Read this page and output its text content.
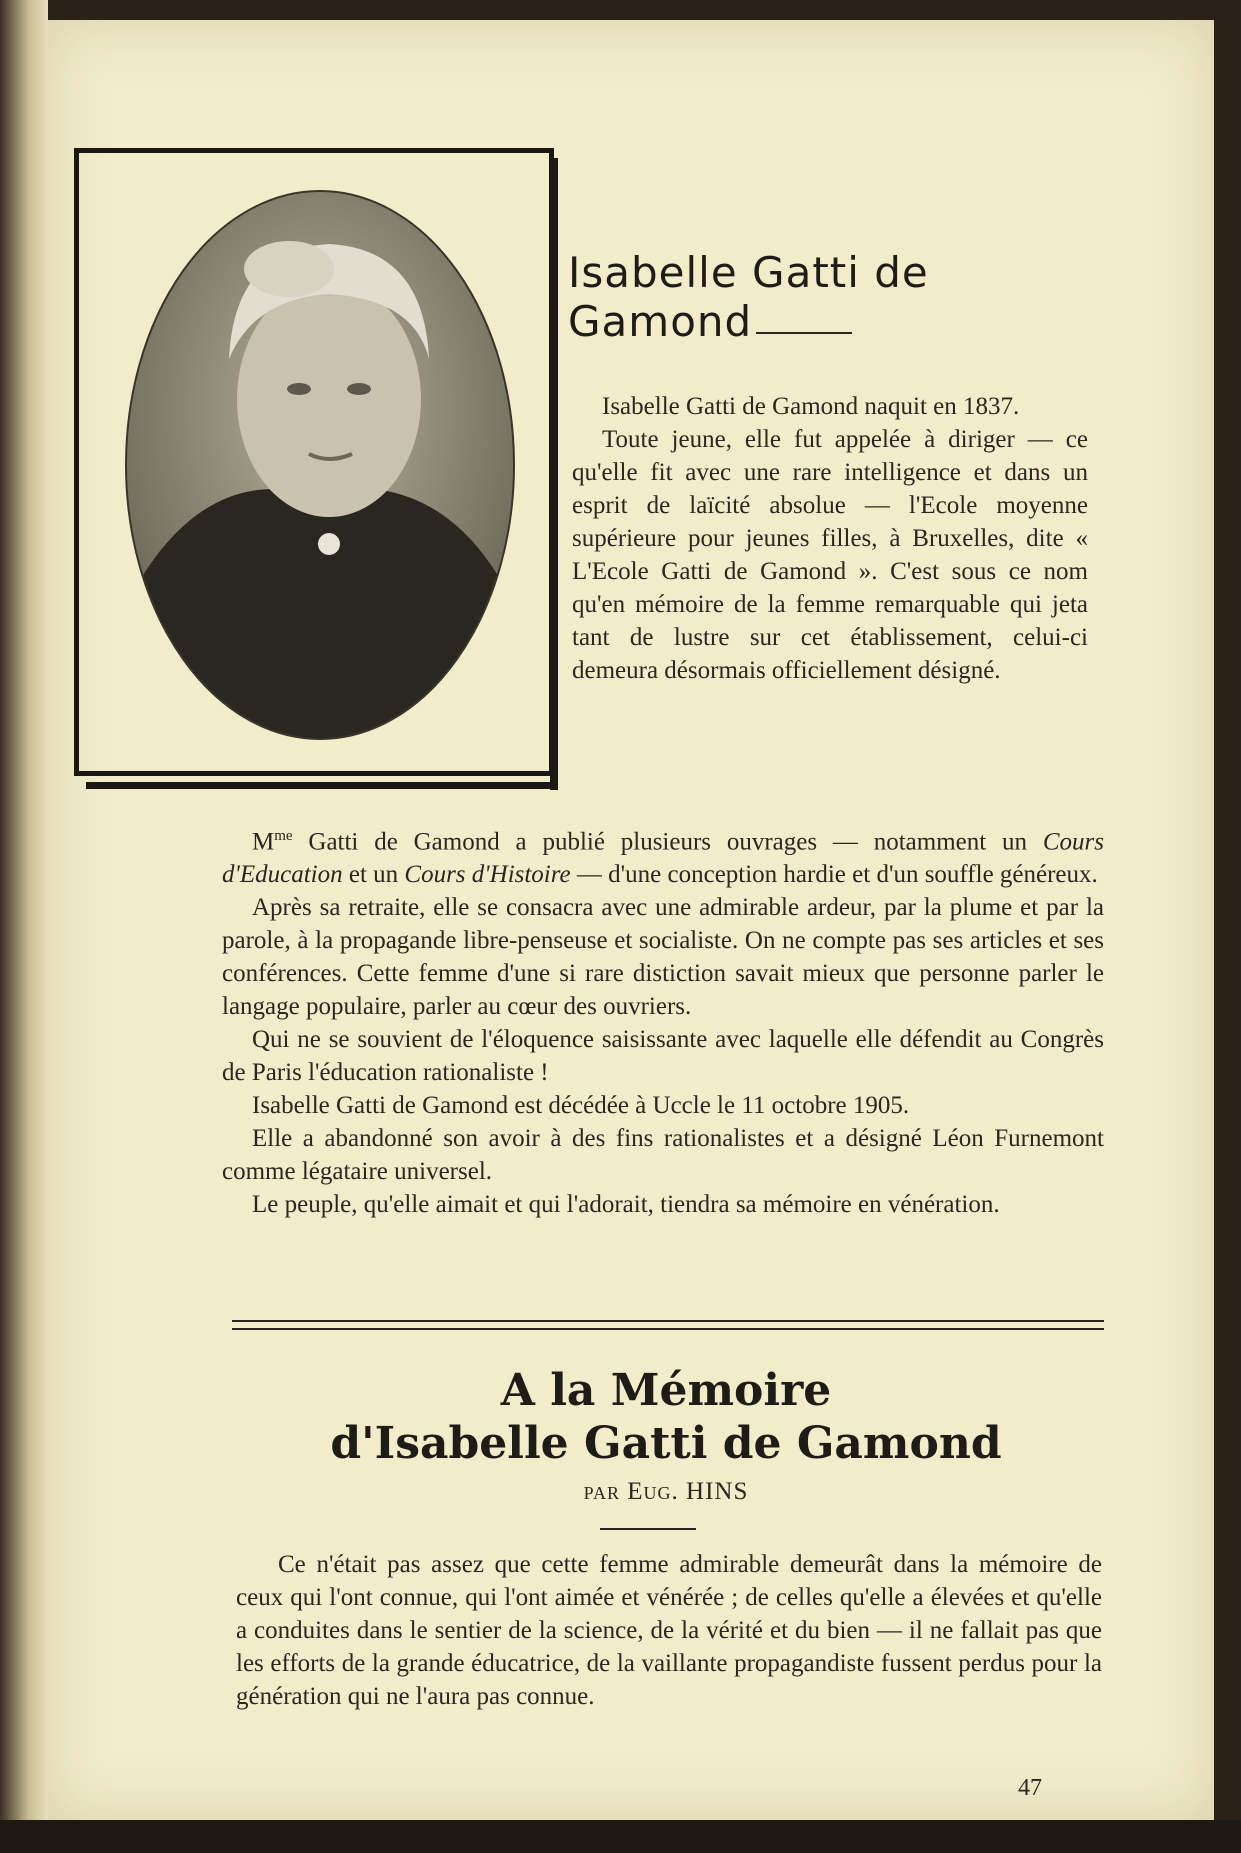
Isabelle Gatti de Gamond

Isabelle Gatti de Gamond naquit en 1837.

Toute jeune, elle fut appelée à diriger — ce qu'elle fit avec une rare intelligence et dans un esprit de laïcité absolue — l'Ecole moyenne supérieure pour jeunes filles, à Bruxelles, dite « L'Ecole Gatti de Gamond ». C'est sous ce nom qu'en mémoire de la femme remarquable qui jeta tant de lustre sur cet établissement, celui-ci demeura désormais officiellement désigné.

$M^{me}$ Gatti de Gamond a publié plusieurs ouvrages — notamment un Cours d'Education et un Cours d'Histoire — d'une conception hardie et d'un souffle généreux.

Après sa retraite, elle se consacra avec une admirable ardeur, par la plume et par la parole, à la propagande libre-penseuse et socialiste. On ne compte pas ses articles et ses conférences. Cette femme d'une si rare distiction savait mieux que personne parler le langage populaire, parler au cœur des ouvriers.

Qui ne se souvient de l'éloquence saisissante avec laquelle elle défendit au Congrès de Paris l'éducation rationaliste !

Isabelle Gatti de Gamond est décédée à Uccle le 11 octobre 1905.

Elle a abandonné son avoir à des fins rationalistes et a désigné Léon Furnemont comme légataire universel.

Le peuple, qu'elle aimait et qui l'adorait, tiendra sa mémoire en vénération.

A la Mémoire
d'Isabelle Gatti de Gamond
par Eug. HINS

Ce n'était pas assez que cette femme admirable demeurât dans la mémoire de ceux qui l'ont connue, qui l'ont aimée et vénérée ; de celles qu'elle a élevées et qu'elle a conduites dans le sentier de la science, de la vérité et du bien — il ne fallait pas que les efforts de la grande éducatrice, de la vaillante propagandiste fussent perdus pour la génération qui ne l'aura pas connue.

47
